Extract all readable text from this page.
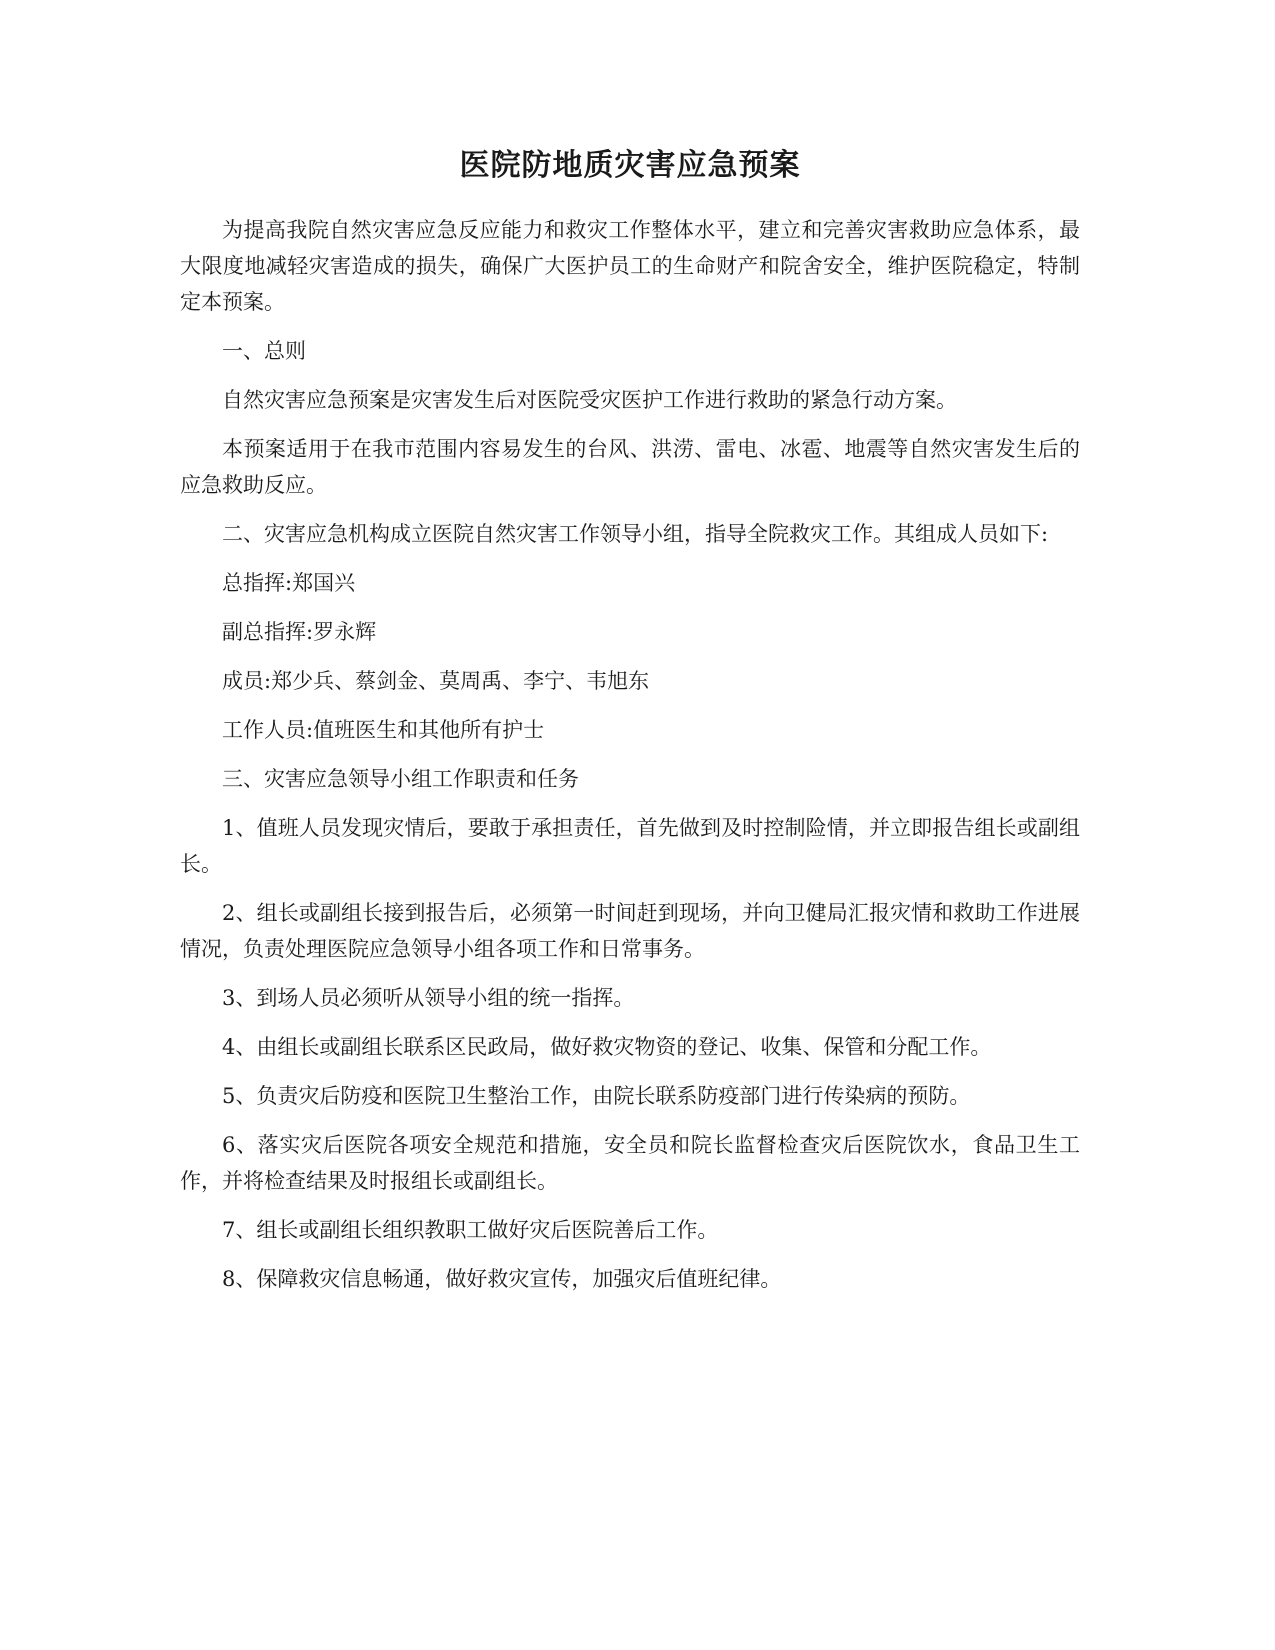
医院防地质灾害应急预案

为提高我院自然灾害应急反应能力和救灾工作整体水平，建立和完善灾害救助应急体系，最大限度地减轻灾害造成的损失，确保广大医护员工的生命财产和院舍安全，维护医院稳定，特制定本预案。

一、总则

自然灾害应急预案是灾害发生后对医院受灾医护工作进行救助的紧急行动方案。

本预案适用于在我市范围内容易发生的台风、洪涝、雷电、冰雹、地震等自然灾害发生后的应急救助反应。

二、灾害应急机构成立医院自然灾害工作领导小组，指导全院救灾工作。其组成人员如下:

总指挥:郑国兴

副总指挥:罗永辉

成员:郑少兵、蔡剑金、莫周禹、李宁、韦旭东

工作人员:值班医生和其他所有护士

三、灾害应急领导小组工作职责和任务

1、值班人员发现灾情后，要敢于承担责任，首先做到及时控制险情，并立即报告组长或副组长。

2、组长或副组长接到报告后，必须第一时间赶到现场，并向卫健局汇报灾情和救助工作进展情况，负责处理医院应急领导小组各项工作和日常事务。

3、到场人员必须听从领导小组的统一指挥。

4、由组长或副组长联系区民政局，做好救灾物资的登记、收集、保管和分配工作。

5、负责灾后防疫和医院卫生整治工作，由院长联系防疫部门进行传染病的预防。

6、落实灾后医院各项安全规范和措施，安全员和院长监督检查灾后医院饮水，食品卫生工作，并将检查结果及时报组长或副组长。

7、组长或副组长组织教职工做好灾后医院善后工作。

8、保障救灾信息畅通，做好救灾宣传，加强灾后值班纪律。
